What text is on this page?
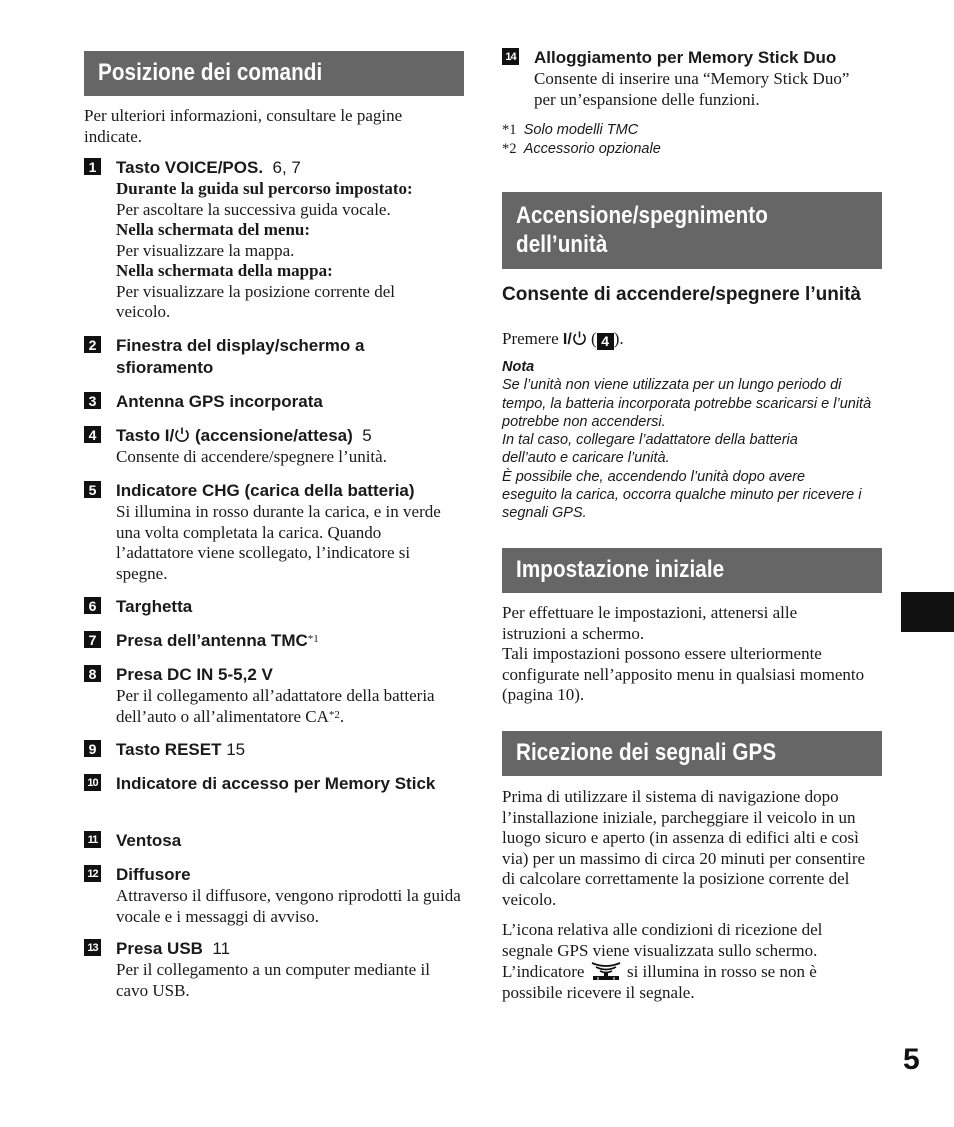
Posizione dei comandi

Per ulteriori informazioni, consultare le pagine indicate.

1 Tasto VOICE/POS. 6, 7
Durante la guida sul percorso impostato:
Per ascoltare la successiva guida vocale.
Nella schermata del menu:
Per visualizzare la mappa.
Nella schermata della mappa:
Per visualizzare la posizione corrente del veicolo.
2 Finestra del display/schermo a sfioramento
3 Antenna GPS incorporata
4 Tasto I/ (accensione/attesa) 5
Consente di accendere/spegnere l’unità.
5 Indicatore CHG (carica della batteria)
Si illumina in rosso durante la carica, e in verde una volta completata la carica. Quando l’adattatore viene scollegato, l’indicatore si spegne.
6 Targhetta
7 Presa dell’antenna TMC$^{*1}$
8 Presa DC IN 5-5,2 V
Per il collegamento all’adattatore della batteria dell’auto o all’alimentatore CA$^{*2}$.
9 Tasto RESET 15
10 Indicatore di accesso per Memory Stick
11 Ventosa
12 Diffusore
Attraverso il diffusore, vengono riprodotti la guida vocale e i messaggi di avviso.
13 Presa USB 11
Per il collegamento a un computer mediante il cavo USB.
14 Alloggiamento per Memory Stick Duo
Consente di inserire una “Memory Stick Duo” per un’espansione delle funzioni.
*1 Solo modelli TMC
*2 Accessorio opzionale
Accensione/spegnimento
dell’unità
Consente di accendere/spegnere l’unità
Premere I/ ( 4 ).
Nota
Se l’unità non viene utilizzata per un lungo periodo di tempo, la batteria incorporata potrebbe scaricarsi e l’unità potrebbe non accendersi.
In tal caso, collegare l’adattatore della batteria dell’auto e caricare l’unità.
È possibile che, accendendo l’unità dopo avere eseguito la carica, occorra qualche minuto per ricevere i segnali GPS.
Impostazione iniziale
Per effettuare le impostazioni, attenersi alle istruzioni a schermo.
Tali impostazioni possono essere ulteriormente configurate nell’apposito menu in qualsiasi momento (pagina 10).
Ricezione dei segnali GPS
Prima di utilizzare il sistema di navigazione dopo l’installazione iniziale, parcheggiare il veicolo in un luogo sicuro e aperto (in assenza di edifici alti e così via) per un massimo di circa 20 minuti per consentire di calcolare correttamente la posizione corrente del veicolo.
L’icona relativa alle condizioni di ricezione del segnale GPS viene visualizzata sullo schermo.
L’indicatore  si illumina in rosso se non è possibile ricevere il segnale.
5
